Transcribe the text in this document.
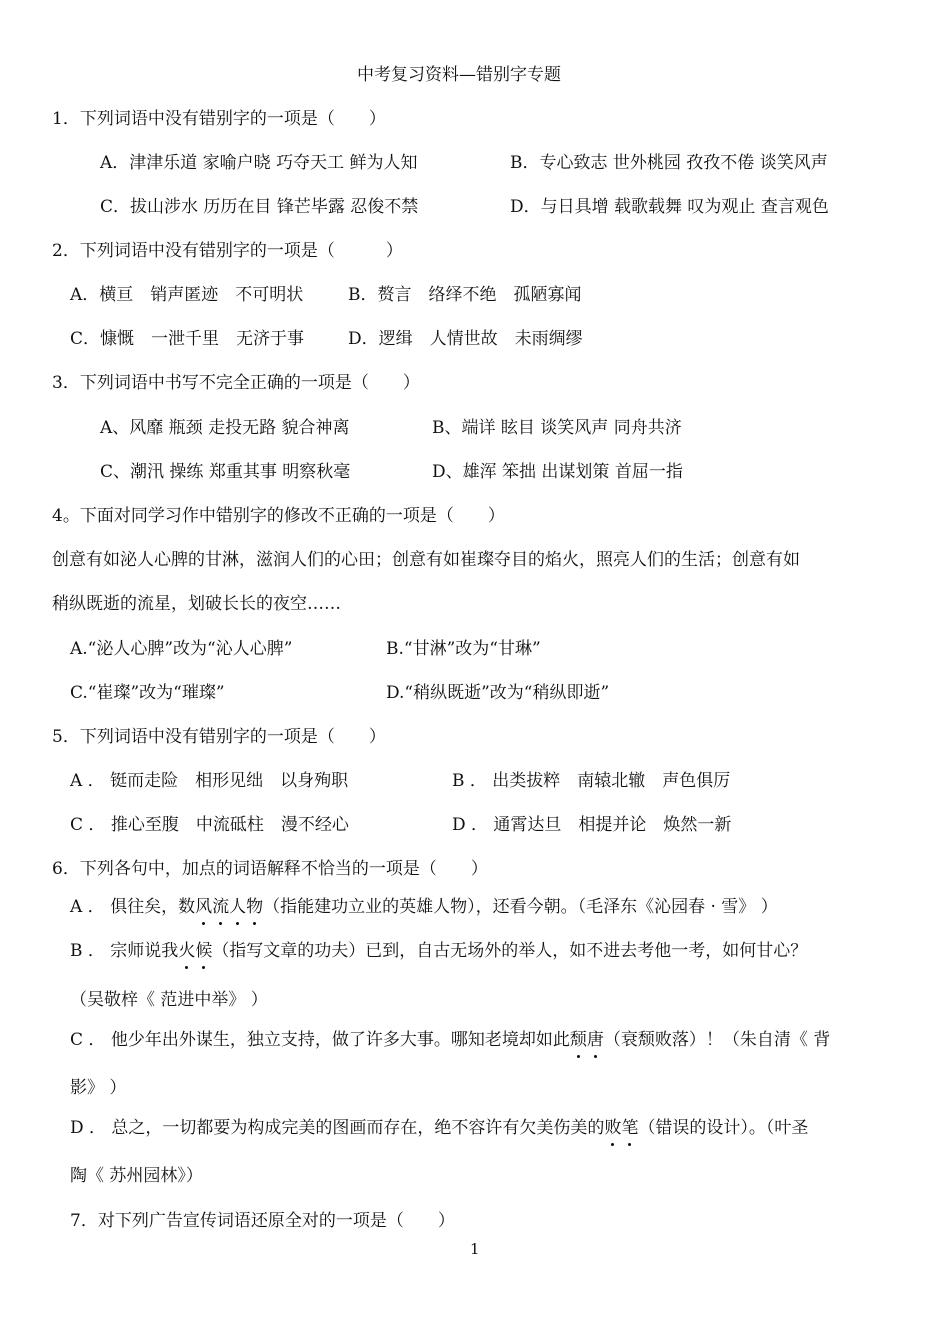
中考复习资料—错别字专题
1．下列词语中没有错别字的一项是（　　）
A．津津乐道 家喻户晓 巧夺天工 鲜为人知	B．专心致志 世外桃园 孜孜不倦 谈笑风声
C．拔山涉水 历历在目 锋芒毕露 忍俊不禁	D．与日具增 载歌载舞 叹为观止 查言观色
2．下列词语中没有错别字的一项是（　　　）
A．横亘　销声匿迹　不可明状	B．赘言　络绎不绝　孤陋寡闻
C．慷慨　一泄千里　无济于事	D．逻缉　人情世故　未雨绸缪
3．下列词语中书写不完全正确的一项是（　　）
A、风靡 瓶颈 走投无路 貌合神离	B、端详 眩目 谈笑风声 同舟共济
C、潮汛 操练 郑重其事 明察秋毫	D、雄浑 笨拙 出谋划策 首屈一指
4。下面对同学习作中错别字的修改不正确的一项是（　　）
创意有如泌人心脾的甘淋，滋润人们的心田；创意有如崔璨夺目的焰火，照亮人们的生活；创意有如
稍纵既逝的流星，划破长长的夜空……
A.“泌人心脾”改为“沁人心脾”	B.“甘淋”改为“甘琳”
C.“崔璨”改为“璀璨”	D.“稍纵既逝”改为“稍纵即逝”
5．下列词语中没有错别字的一项是（　　）
A ． 铤而走险　相形见绌　以身殉职	B ． 出类拔粹　南辕北辙　声色俱厉
C ． 推心至腹　中流砥柱　漫不经心	D ． 通霄达旦　相提并论　焕然一新
6．下列各句中，加点的词语解释不恰当的一项是（　　）
A ． 俱往矣，数风流人物（指能建功立业的英雄人物），还看今朝。（毛泽东《沁园春 · 雪》 ）
B ． 宗师说我火候（指写文章的功夫）已到，自古无场外的举人，如不进去考他一考，如何甘心？
（吴敬梓《 范进中举》 ）
C ． 他少年出外谋生，独立支持，做了许多大事。哪知老境却如此颓唐（衰颓败落）！（朱自清《 背
影》 ）
D ． 总之，一切都要为构成完美的图画而存在，绝不容许有欠美伤美的败笔（错误的设计）。（叶圣
陶《 苏州园林》）
7．对下列广告宣传词语还原全对的一项是（　　）
1
